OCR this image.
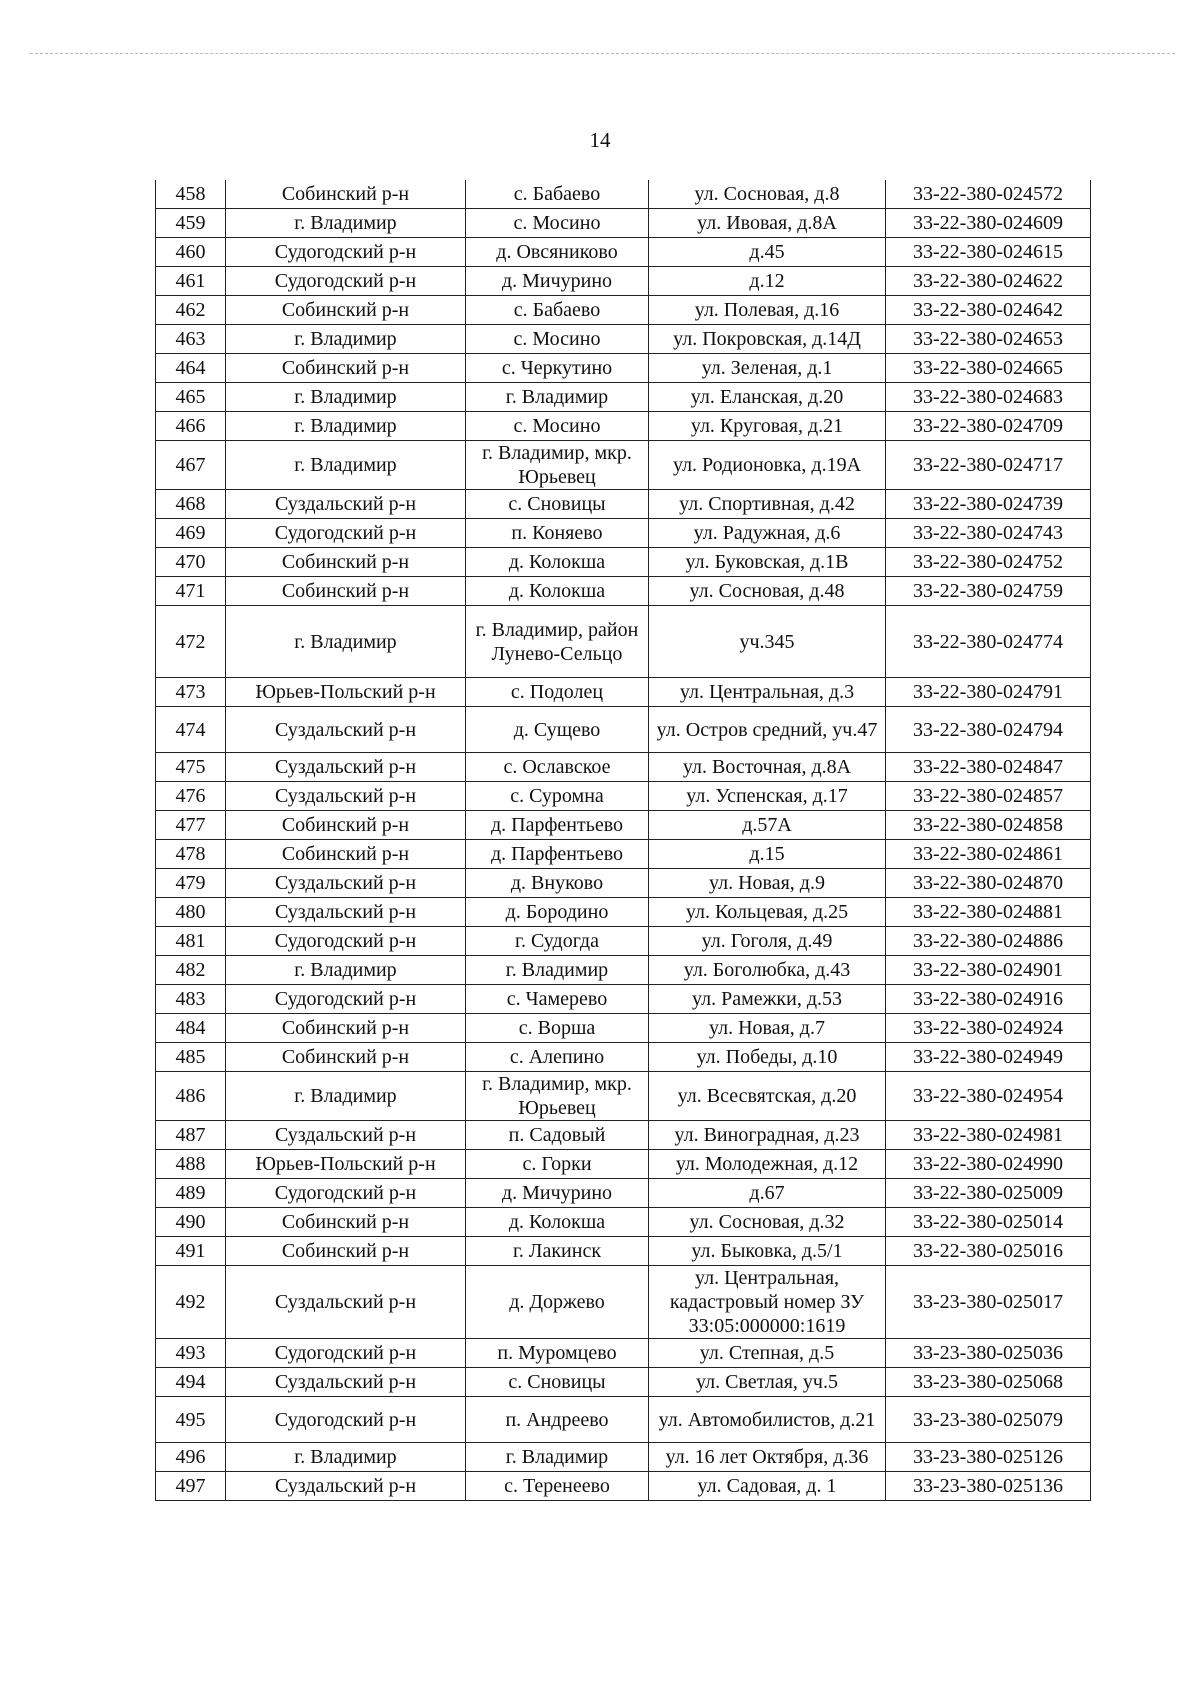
14
458	Собинский р-н	с. Бабаево	ул. Сосновая, д.8	33-22-380-024572
459	г. Владимир	с. Мосино	ул. Ивовая, д.8А	33-22-380-024609
460	Судогодский р-н	д. Овсяниково	д.45	33-22-380-024615
461	Судогодский р-н	д. Мичурино	д.12	33-22-380-024622
462	Собинский р-н	с. Бабаево	ул. Полевая, д.16	33-22-380-024642
463	г. Владимир	с. Мосино	ул. Покровская, д.14Д	33-22-380-024653
464	Собинский р-н	с. Черкутино	ул. Зеленая, д.1	33-22-380-024665
465	г. Владимир	г. Владимир	ул. Еланская, д.20	33-22-380-024683
466	г. Владимир	с. Мосино	ул. Круговая, д.21	33-22-380-024709
467	г. Владимир	г. Владимир, мкр. Юрьевец	ул. Родионовка, д.19А	33-22-380-024717
468	Суздальский р-н	с. Сновицы	ул. Спортивная, д.42	33-22-380-024739
469	Судогодский р-н	п. Коняево	ул. Радужная, д.6	33-22-380-024743
470	Собинский р-н	д. Колокша	ул. Буковская, д.1В	33-22-380-024752
471	Собинский р-н	д. Колокша	ул. Сосновая, д.48	33-22-380-024759
472	г. Владимир	г. Владимир, район Лунево-Сельцо	уч.345	33-22-380-024774
473	Юрьев-Польский р-н	с. Подолец	ул. Центральная, д.3	33-22-380-024791
474	Суздальский р-н	д. Сущево	ул. Остров средний, уч.47	33-22-380-024794
475	Суздальский р-н	с. Ославское	ул. Восточная, д.8А	33-22-380-024847
476	Суздальский р-н	с. Суромна	ул. Успенская, д.17	33-22-380-024857
477	Собинский р-н	д. Парфентьево	д.57А	33-22-380-024858
478	Собинский р-н	д. Парфентьево	д.15	33-22-380-024861
479	Суздальский р-н	д. Внуково	ул. Новая, д.9	33-22-380-024870
480	Суздальский р-н	д. Бородино	ул. Кольцевая, д.25	33-22-380-024881
481	Судогодский р-н	г. Судогда	ул. Гоголя, д.49	33-22-380-024886
482	г. Владимир	г. Владимир	ул. Боголюбка, д.43	33-22-380-024901
483	Судогодский р-н	с. Чамерево	ул. Рамежки, д.53	33-22-380-024916
484	Собинский р-н	с. Ворша	ул. Новая, д.7	33-22-380-024924
485	Собинский р-н	с. Алепино	ул. Победы, д.10	33-22-380-024949
486	г. Владимир	г. Владимир, мкр. Юрьевец	ул. Всесвятская, д.20	33-22-380-024954
487	Суздальский р-н	п. Садовый	ул. Виноградная, д.23	33-22-380-024981
488	Юрьев-Польский р-н	с. Горки	ул. Молодежная, д.12	33-22-380-024990
489	Судогодский р-н	д. Мичурино	д.67	33-22-380-025009
490	Собинский р-н	д. Колокша	ул. Сосновая, д.32	33-22-380-025014
491	Собинский р-н	г. Лакинск	ул. Быковка, д.5/1	33-22-380-025016
492	Суздальский р-н	д. Доржево	ул. Центральная, кадастровый номер ЗУ 33:05:000000:1619	33-23-380-025017
493	Судогодский р-н	п. Муромцево	ул. Степная, д.5	33-23-380-025036
494	Суздальский р-н	с. Сновицы	ул. Светлая, уч.5	33-23-380-025068
495	Судогодский р-н	п. Андреево	ул. Автомобилистов, д.21	33-23-380-025079
496	г. Владимир	г. Владимир	ул. 16 лет Октября, д.36	33-23-380-025126
497	Суздальский р-н	с. Теренеево	ул. Садовая, д. 1	33-23-380-025136
